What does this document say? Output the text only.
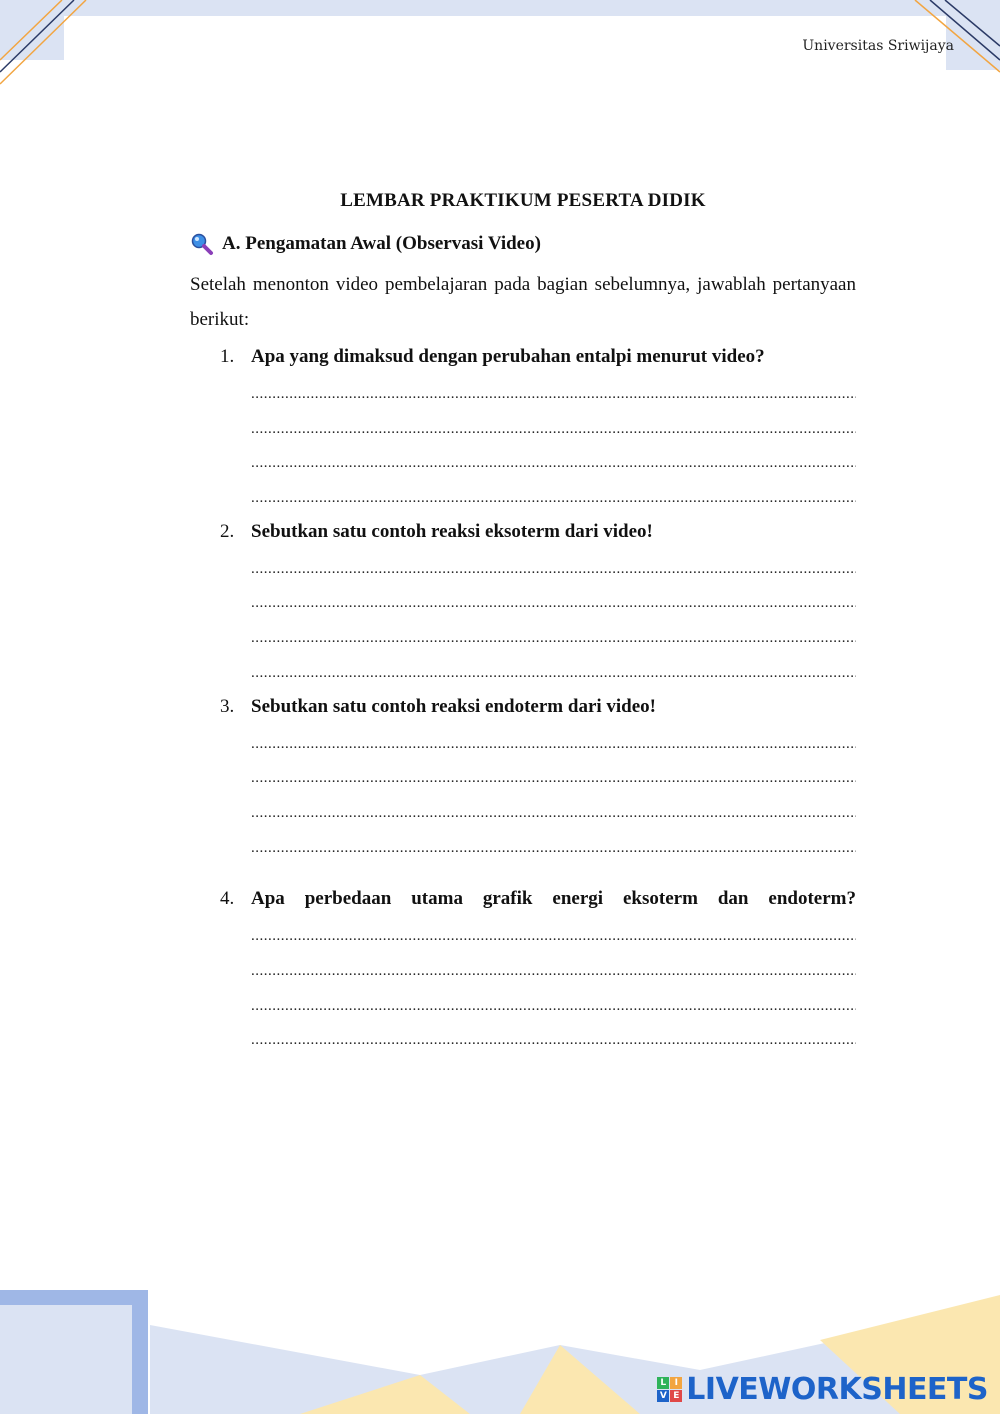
Universitas Sriwijaya
LEMBAR PRAKTIKUM PESERTA DIDIK
A. Pengamatan Awal (Observasi Video)
Setelah menonton video pembelajaran pada bagian sebelumnya, jawablah pertanyaan berikut:
1. Apa yang dimaksud dengan perubahan entalpi menurut video?
.....
.....
.....
.....
2. Sebutkan satu contoh reaksi eksoterm dari video!
.....
.....
.....
.....
3. Sebutkan satu contoh reaksi endoterm dari video!
.....
.....
.....
.....
4. Apa perbedaan utama grafik energi eksoterm dan endoterm?
.....
.....
.....
.....
L I
V E LIVEWORKSHEETS
